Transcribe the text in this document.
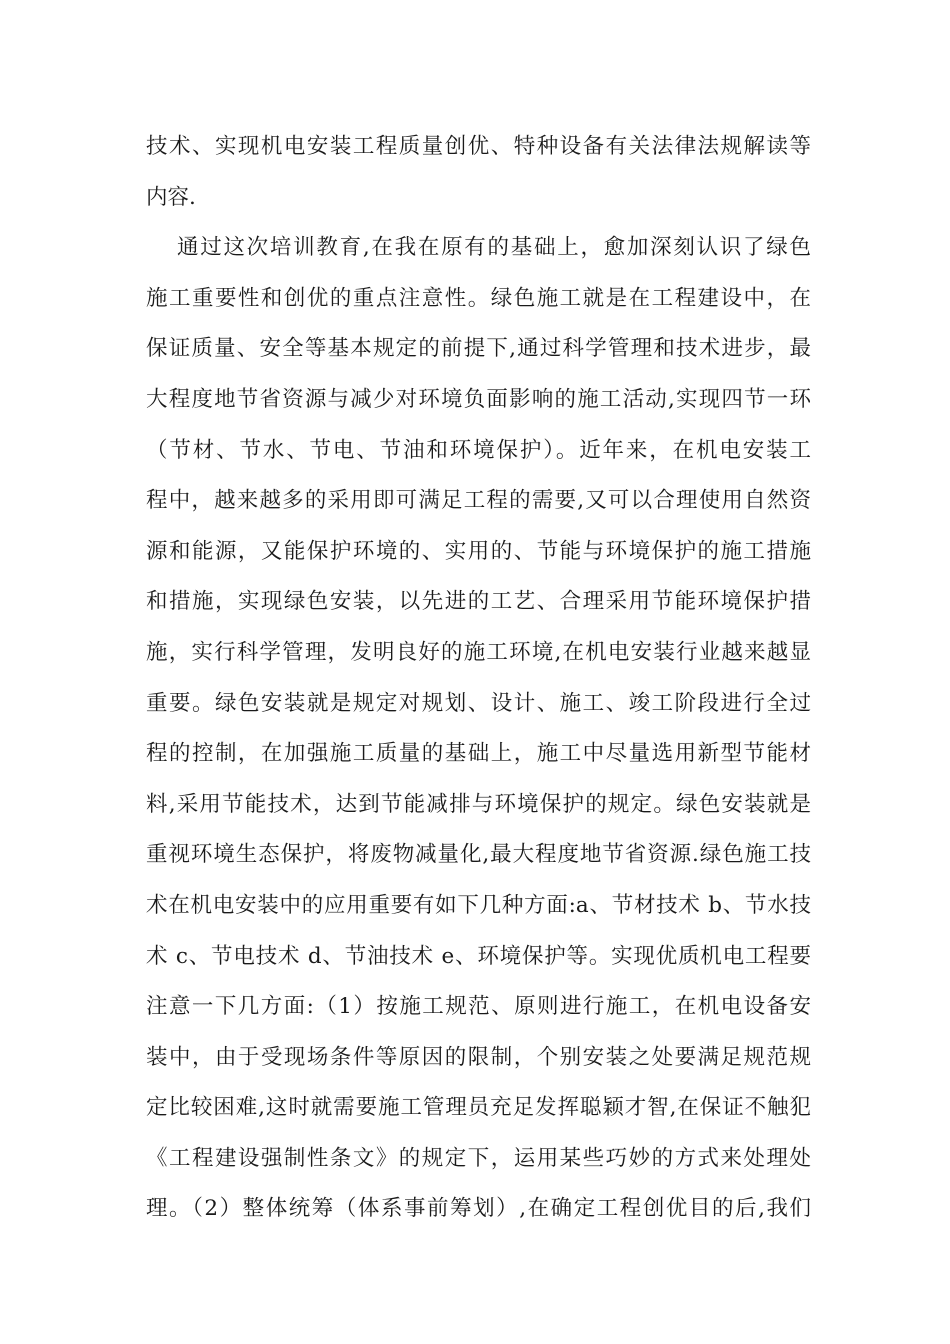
技术、实现机电安装工程质量创优、特种设备有关法律法规解读等
内容.
通过这次培训教育,在我在原有的基础上，愈加深刻认识了绿色
施工重要性和创优的重点注意性。绿色施工就是在工程建设中，在
保证质量、安全等基本规定的前提下,通过科学管理和技术进步，最
大程度地节省资源与减少对环境负面影响的施工活动,实现四节一环
（节材、节水、节电、节油和环境保护）。近年来，在机电安装工
程中，越来越多的采用即可满足工程的需要,又可以合理使用自然资
源和能源，又能保护环境的、实用的、节能与环境保护的施工措施
和措施，实现绿色安装，以先进的工艺、合理采用节能环境保护措
施，实行科学管理，发明良好的施工环境,在机电安装行业越来越显
重要。绿色安装就是规定对规划、设计、施工、竣工阶段进行全过
程的控制，在加强施工质量的基础上，施工中尽量选用新型节能材
料,采用节能技术，达到节能减排与环境保护的规定。绿色安装就是
重视环境生态保护，将废物减量化,最大程度地节省资源.绿色施工技
术在机电安装中的应用重要有如下几种方面:a、节材技术 b、节水技
术 c、节电技术 d、节油技术 e、环境保护等。实现优质机电工程要
注意一下几方面:（1）按施工规范、原则进行施工，在机电设备安
装中，由于受现场条件等原因的限制，个别安装之处要满足规范规
定比较困难,这时就需要施工管理员充足发挥聪颖才智,在保证不触犯
《工程建设强制性条文》的规定下，运用某些巧妙的方式来处理处
理。（2）整体统筹（体系事前筹划）,在确定工程创优目的后,我们
